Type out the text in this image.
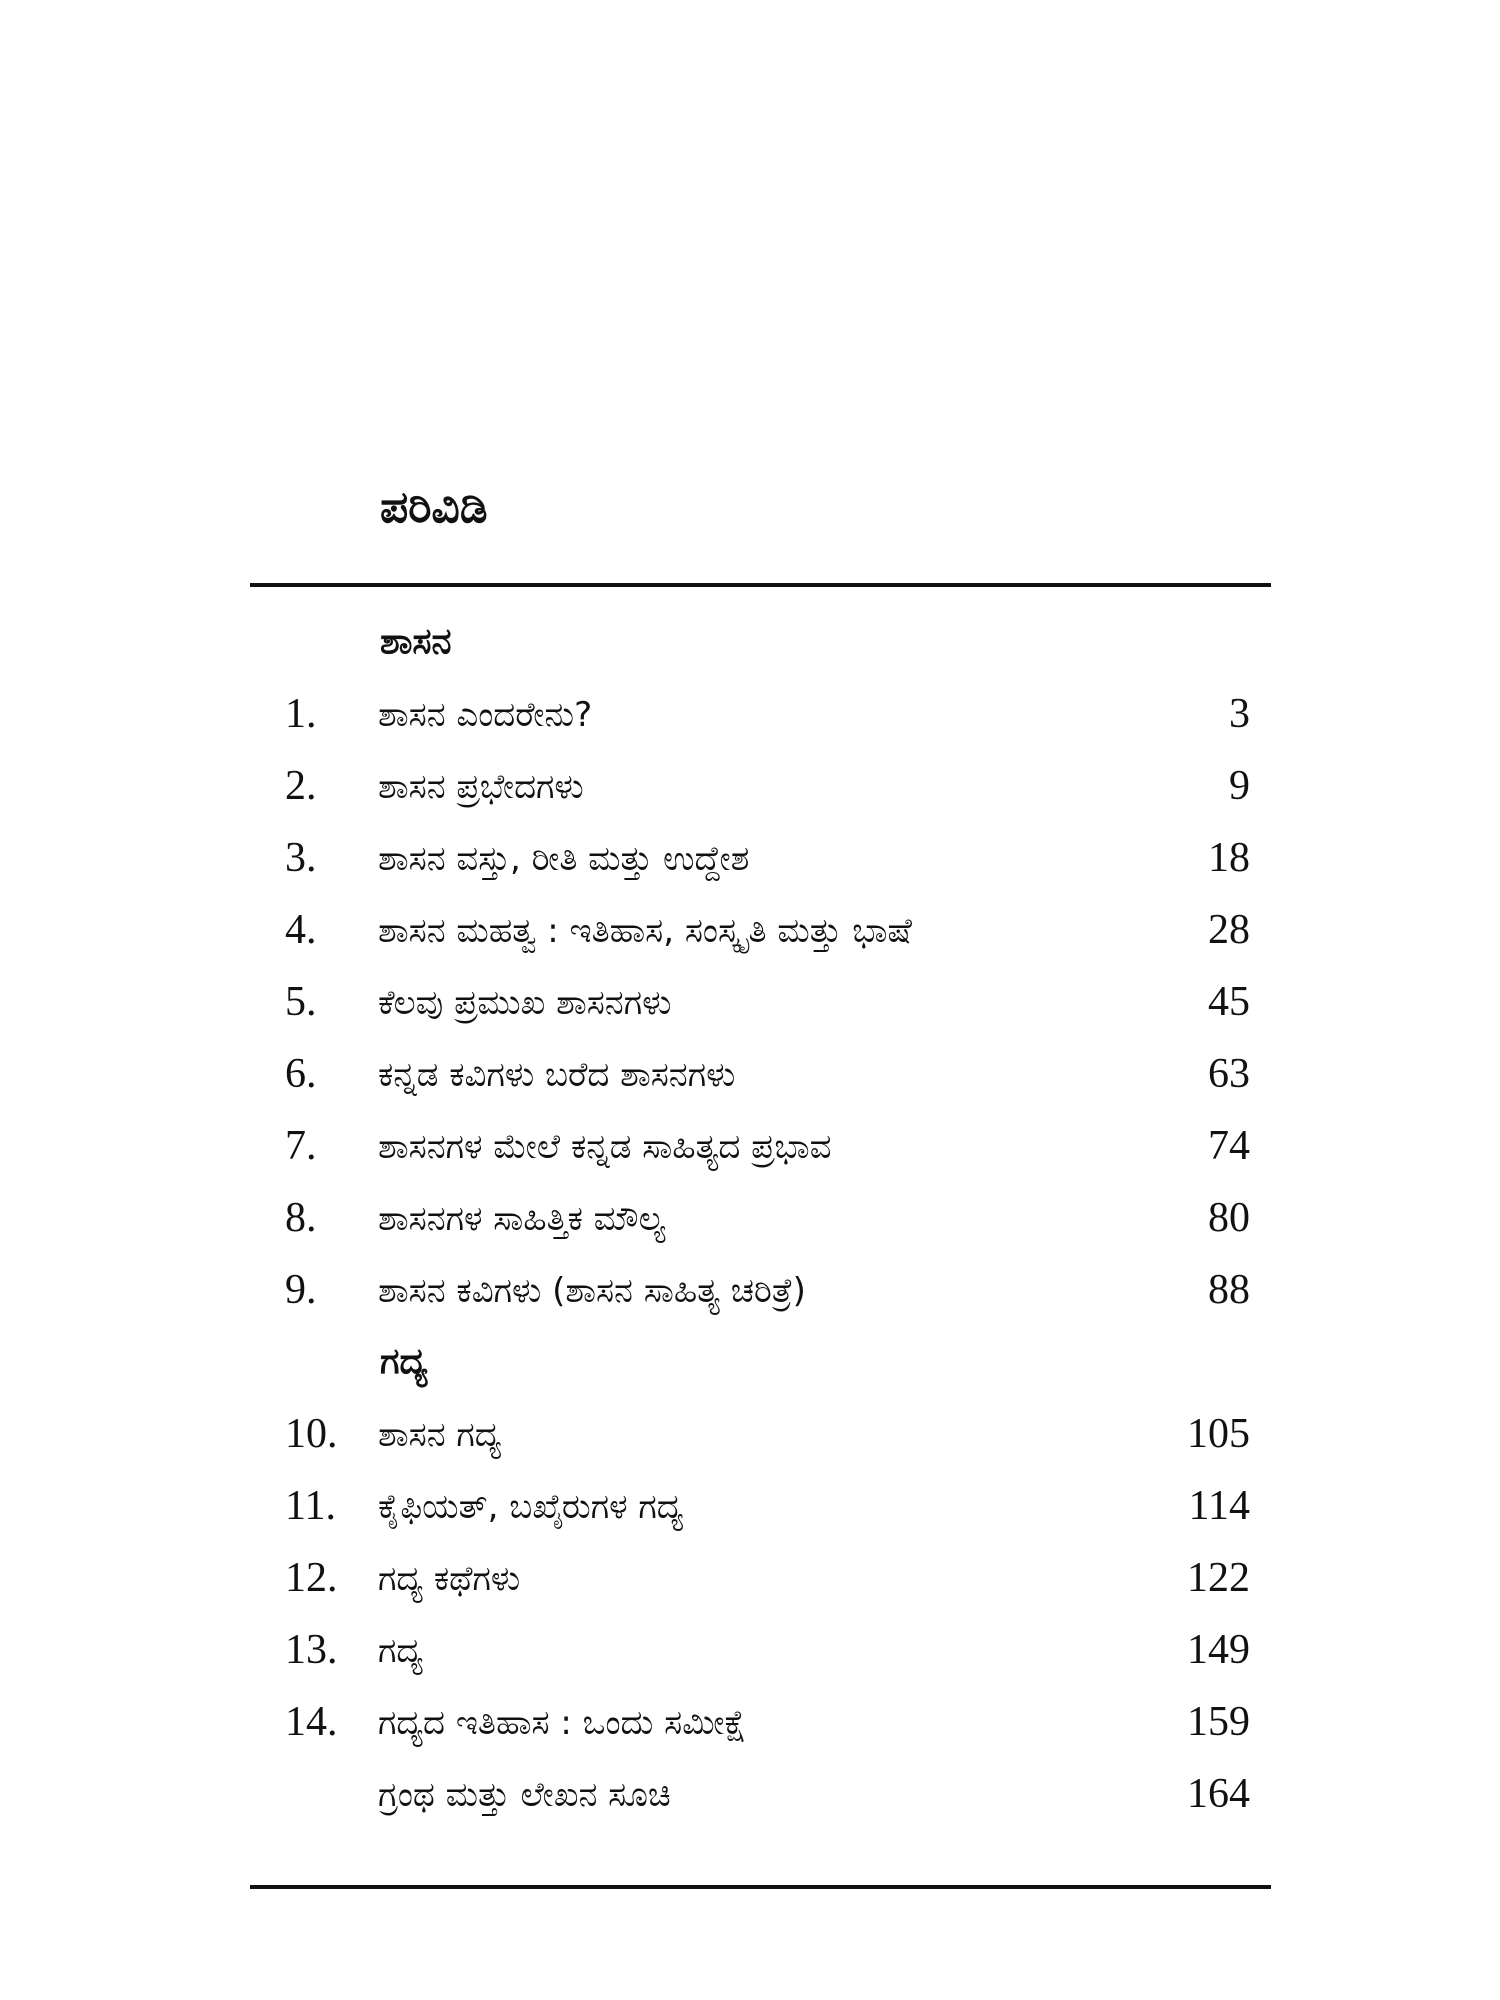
ಪರಿವಿಡಿ
ಶಾಸನ
1. ಶಾಸನ ಎಂದರೇನು?	3
2. ಶಾಸನ ಪ್ರಭೇದಗಳು	9
3. ಶಾಸನ ವಸ್ತು, ರೀತಿ ಮತ್ತು ಉದ್ದೇಶ	18
4. ಶಾಸನ ಮಹತ್ವ : ಇತಿಹಾಸ, ಸಂಸ್ಕೃತಿ ಮತ್ತು ಭಾಷೆ	28
5. ಕೆಲವು ಪ್ರಮುಖ ಶಾಸನಗಳು	45
6. ಕನ್ನಡ ಕವಿಗಳು ಬರೆದ ಶಾಸನಗಳು	63
7. ಶಾಸನಗಳ ಮೇಲೆ ಕನ್ನಡ ಸಾಹಿತ್ಯದ ಪ್ರಭಾವ	74
8. ಶಾಸನಗಳ ಸಾಹಿತ್ತಿಕ ಮೌಲ್ಯ	80
9. ಶಾಸನ ಕವಿಗಳು (ಶಾಸನ ಸಾಹಿತ್ಯ ಚರಿತ್ರೆ)	88
ಗದ್ಯ
10. ಶಾಸನ ಗದ್ಯ	105
11. ಕೈಫಿಯತ್, ಬಖೈರುಗಳ ಗದ್ಯ	114
12. ಗದ್ಯ ಕಥೆಗಳು	122
13. ಗದ್ಯ	149
14. ಗದ್ಯದ ಇತಿಹಾಸ : ಒಂದು ಸಮೀಕ್ಷೆ	159
ಗ್ರಂಥ ಮತ್ತು ಲೇಖನ ಸೂಚಿ	164
